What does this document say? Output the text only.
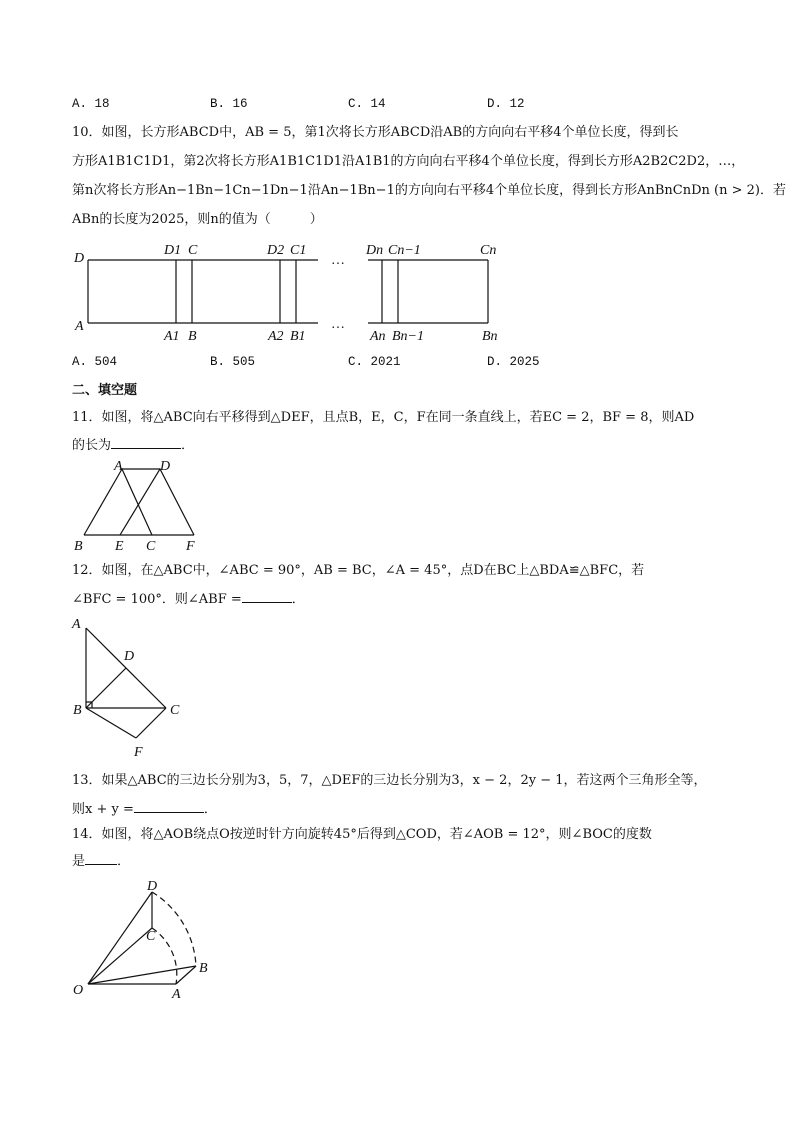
A. 18	B. 16	C. 14	D. 12
10．如图，长方形ABCD中，AB = 5，第1次将长方形ABCD沿AB的方向向右平移4个单位长度，得到长
方形A1B1C1D1，第2次将长方形A1B1C1D1沿A1B1的方向向右平移4个单位长度，得到长方形A2B2C2D2，…，
第n次将长方形An−1Bn−1Cn−1Dn−1沿An−1Bn−1的方向向右平移4个单位长度，得到长方形AnBnCnDn (n > 2)．若
ABn的长度为2025，则n的值为（　　　）
D
D1 C	D2 C1
…
Dn Cn−1	Cn
A
A1 B	A2 B1
…
An Bn−1	Bn
A. 504	B. 505	C. 2021	D. 2025
二、填空题
11．如图，将△ABC向右平移得到△DEF，且点B，E，C，F在同一条直线上，若EC = 2，BF = 8，则AD
的长为	．
A	D
B E C F
12．如图，在△ABC中，∠ABC = 90°，AB = BC，∠A = 45°，点D在BC上△BDA≌△BFC，若
∠BFC = 100°．则∠ABF =	．
A
D
B	C
F
13．如果△ABC的三边长分别为3，5，7，△DEF的三边长分别为3，x − 2，2y − 1，若这两个三角形全等，
则x + y =	．
14．如图，将△AOB绕点O按逆时针方向旋转45°后得到△COD，若∠AOB = 12°，则∠BOC的度数
是 ．
D
C
B
O	A
